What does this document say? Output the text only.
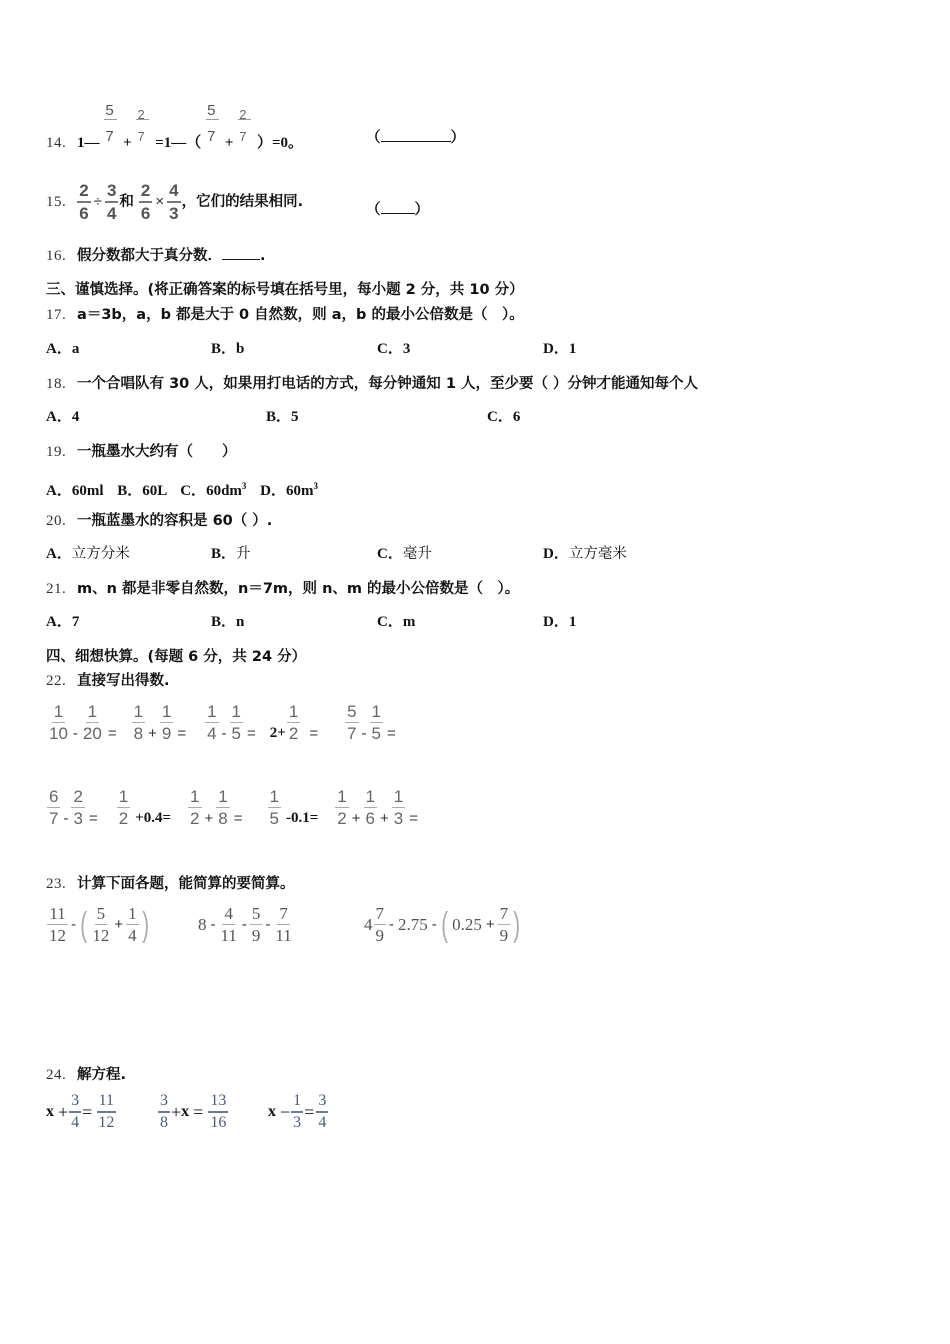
14. 1— $\frac{5}{7} + \frac{2}{7}$ =1—（ $\frac{5}{7} + \frac{2}{7} )=0$。	（	）
15. $\frac{2}{6} \div \frac{3}{4}$ 和 $\frac{2}{6} \times \frac{4}{3}$ ，它们的结果相同.	（ ）
16. 假分数都大于真分数．	.
三、谨慎选择。(将正确答案的标号填在括号里，每小题 2 分，共 10 分）
17. a＝3b，a，b 都是大于 0 自然数，则 a，b 的最小公倍数是（　）。
A．a	B．b	C．3	D．1
18. 一个合唱队有 30 人，如果用打电话的方式，每分钟通知 1 人，至少要（ ）分钟才能通知每个人
A．4	B．5	C．6
19. 一瓶墨水大约有（　　）
A．60ml B．60L C．$60dm^3$ D．$60m^3$
20. 一瓶蓝墨水的容积是 60（ ）.
A．立方分米	B．升	C．毫升	D．立方毫米
21. m、n 都是非零自然数，n＝7m，则 n、m 的最小公倍数是（　）。
A．7	B．n	C．m	D．1
四、细想快算。(每题 6 分，共 24 分）
22. 直接写出得数.
1
$10 - \frac{1}{20}$ =
1
$8 + \frac{1}{9}$ =
1
$4 - \frac{1}{5} = 2+ \frac{1}{2}$ =
5
$7 - \frac{1}{5}$ =
6
$7 - \frac{2}{3}$ =
1
2 +0.4=
1
$2 + \frac{1}{8}$ =
1
5 -0.1=
1
$2 + \frac{1}{6} + \frac{1}{3}$ =
23. 计算下面各题，能简算的要简算。
11
12
- ( 5
12
+ $\frac{1}{4}$ )	8 -
4
11
-
5
9
-
7
11
4
7
9
- 2.75 - ( $0.25 + \frac{7}{9}$ )
24. 解方程.
$x + \frac{3}{4} = \frac{11}{12}$	3
8
+ $x = \frac{13}{16}$ $x - \frac{1}{3} = \frac{3}{4}$
